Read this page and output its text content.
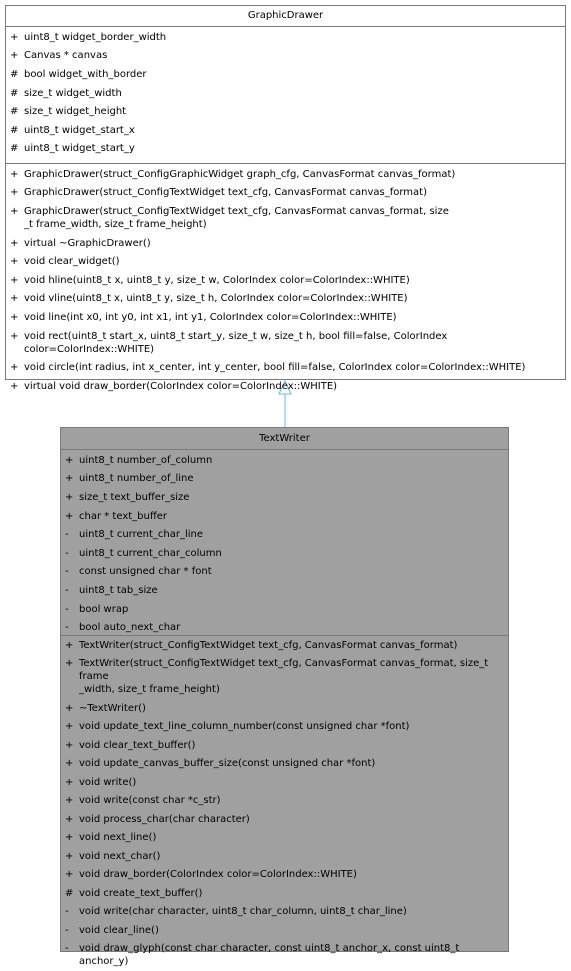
GraphicDrawer
+ uint8_t widget_border_width
+ Canvas * canvas
# bool widget_with_border
# size_t widget_width
# size_t widget_height
# uint8_t widget_start_x
# uint8_t widget_start_y
+ GraphicDrawer(struct_ConfigGraphicWidget graph_cfg, CanvasFormat canvas_format)
+ GraphicDrawer(struct_ConfigTextWidget text_cfg, CanvasFormat canvas_format)
+ GraphicDrawer(struct_ConfigTextWidget text_cfg, CanvasFormat canvas_format, size
_t frame_width, size_t frame_height)
+ virtual ~GraphicDrawer()
+ void clear_widget()
+ void hline(uint8_t x, uint8_t y, size_t w, ColorIndex color=ColorIndex::WHITE)
+ void vline(uint8_t x, uint8_t y, size_t h, ColorIndex color=ColorIndex::WHITE)
+ void line(int x0, int y0, int x1, int y1, ColorIndex color=ColorIndex::WHITE)
+ void rect(uint8_t start_x, uint8_t start_y, size_t w, size_t h, bool fill=false, ColorIndex color=ColorIndex::WHITE)
+ void circle(int radius, int x_center, int y_center, bool fill=false, ColorIndex color=ColorIndex::WHITE)
+ virtual void draw_border(ColorIndex color=ColorIndex::WHITE)
TextWriter
+ uint8_t number_of_column
+ uint8_t number_of_line
+ size_t text_buffer_size
+ char * text_buffer
-	uint8_t current_char_line
-	uint8_t current_char_column
-	const unsigned char * font
-	uint8_t tab_size
-	bool wrap
-	bool auto_next_char
+ TextWriter(struct_ConfigTextWidget text_cfg, CanvasFormat canvas_format)
+ TextWriter(struct_ConfigTextWidget text_cfg, CanvasFormat canvas_format, size_t frame
_width, size_t frame_height)
+ ~TextWriter()
+ void update_text_line_column_number(const unsigned char *font)
+ void clear_text_buffer()
+ void update_canvas_buffer_size(const unsigned char *font)
+ void write()
+ void write(const char *c_str)
+ void process_char(char character)
+ void next_line()
+ void next_char()
+ void draw_border(ColorIndex color=ColorIndex::WHITE)
# void create_text_buffer()
-	void write(char character, uint8_t char_column, uint8_t char_line)
-	void clear_line()
-	void draw_glyph(const char character, const uint8_t anchor_x, const uint8_t anchor_y)
